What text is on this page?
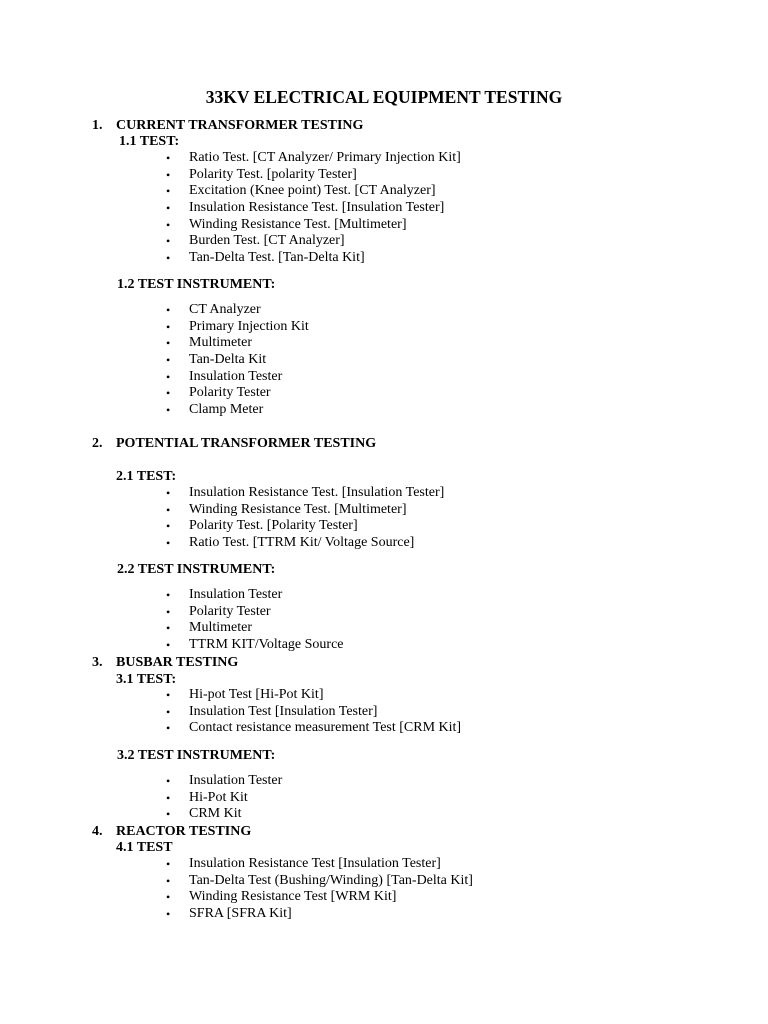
33KV ELECTRICAL EQUIPMENT TESTING
1. CURRENT TRANSFORMER TESTING
1.1 TEST:
• Ratio Test. [CT Analyzer/ Primary Injection Kit]
• Polarity Test. [polarity Tester]
• Excitation (Knee point) Test. [CT Analyzer]
• Insulation Resistance Test. [Insulation Tester]
• Winding Resistance Test. [Multimeter]
• Burden Test. [CT Analyzer]
• Tan-Delta Test. [Tan-Delta Kit]
1.2 TEST INSTRUMENT:
• CT Analyzer
• Primary Injection Kit
• Multimeter
• Tan-Delta Kit
• Insulation Tester
• Polarity Tester
• Clamp Meter
2. POTENTIAL TRANSFORMER TESTING
2.1 TEST:
• Insulation Resistance Test. [Insulation Tester]
• Winding Resistance Test. [Multimeter]
• Polarity Test. [Polarity Tester]
• Ratio Test. [TTRM Kit/ Voltage Source]
2.2 TEST INSTRUMENT:
• Insulation Tester
• Polarity Tester
• Multimeter
• TTRM KIT/Voltage Source
3. BUSBAR TESTING
3.1 TEST:
• Hi-pot Test [Hi-Pot Kit]
• Insulation Test [Insulation Tester]
• Contact resistance measurement Test [CRM Kit]
3.2 TEST INSTRUMENT:
• Insulation Tester
• Hi-Pot Kit
• CRM Kit
4. REACTOR TESTING
4.1 TEST
• Insulation Resistance Test [Insulation Tester]
• Tan-Delta Test (Bushing/Winding) [Tan-Delta Kit]
• Winding Resistance Test [WRM Kit]
• SFRA [SFRA Kit]
